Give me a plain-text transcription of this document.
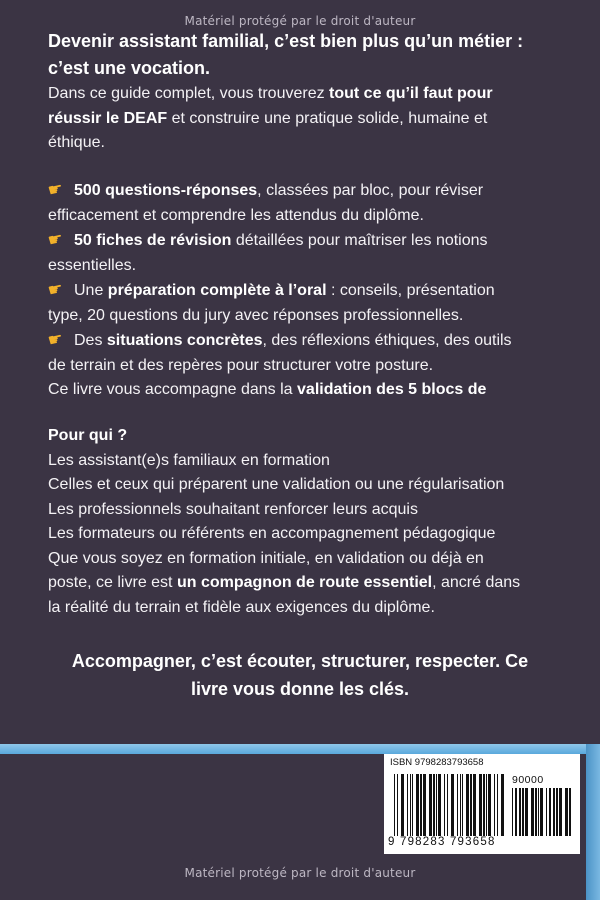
Matériel protégé par le droit d'auteur
Devenir assistant familial, c’est bien plus qu’un métier :
c’est une vocation.
Dans ce guide complet, vous trouverez tout ce qu’il faut pour
réussir le DEAF et construire une pratique solide, humaine et
éthique.
☛ 500 questions-réponses, classées par bloc, pour réviser
efficacement et comprendre les attendus du diplôme.
☛ 50 fiches de révision détaillées pour maîtriser les notions
essentielles.
☛ Une préparation complète à l’oral : conseils, présentation
type, 20 questions du jury avec réponses professionnelles.
☛ Des situations concrètes, des réflexions éthiques, des outils
de terrain et des repères pour structurer votre posture.
Ce livre vous accompagne dans la validation des 5 blocs de
Pour qui ?
Les assistant(e)s familiaux en formation
Celles et ceux qui préparent une validation ou une régularisation
Les professionnels souhaitant renforcer leurs acquis
Les formateurs ou référents en accompagnement pédagogique
Que vous soyez en formation initiale, en validation ou déjà en
poste, ce livre est un compagnon de route essentiel, ancré dans
la réalité du terrain et fidèle aux exigences du diplôme.
Accompagner, c’est écouter, structurer, respecter. Ce
livre vous donne les clés.
ISBN 9798283793658
90000
9 798283 793658
Matériel protégé par le droit d'auteur
